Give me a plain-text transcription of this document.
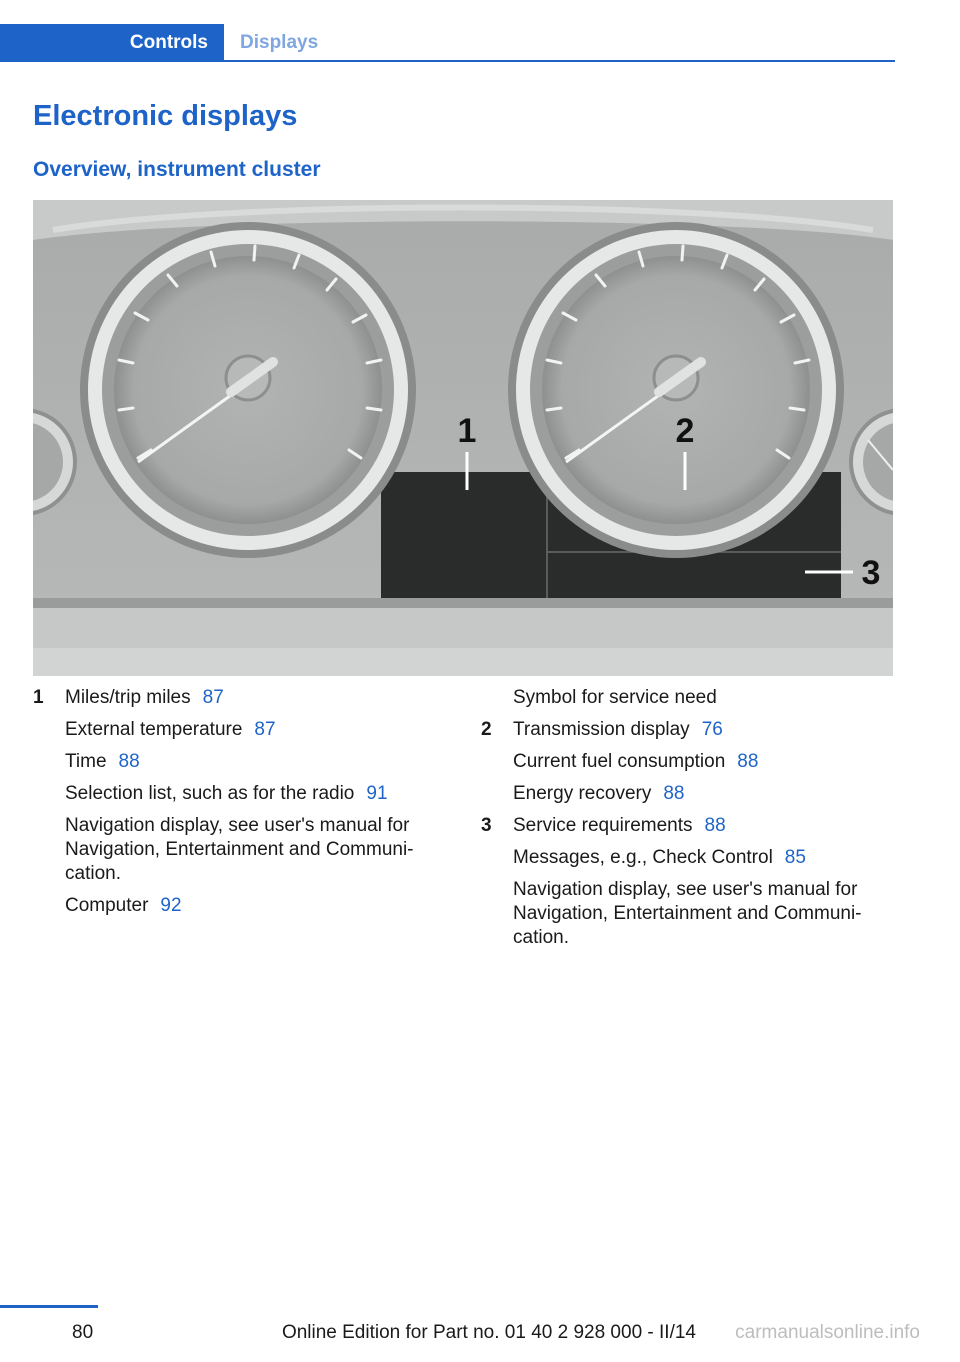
Controls	Displays
Electronic displays
Overview, instrument cluster
1	2
3
1 Miles/trip miles 87
External temperature 87
Time 88
Selection list, such as for the radio 91
Navigation display, see user's manual for Navigation, Entertainment and Communi‐cation.
Computer 92
Symbol for service need
2 Transmission display 76
Current fuel consumption 88
Energy recovery 88
3 Service requirements 88
Messages, e.g., Check Control 85
Navigation display, see user's manual for Navigation, Entertainment and Communi‐cation.
80	Online Edition for Part no. 01 40 2 928 000 - II/14 carmanualsonline.info
